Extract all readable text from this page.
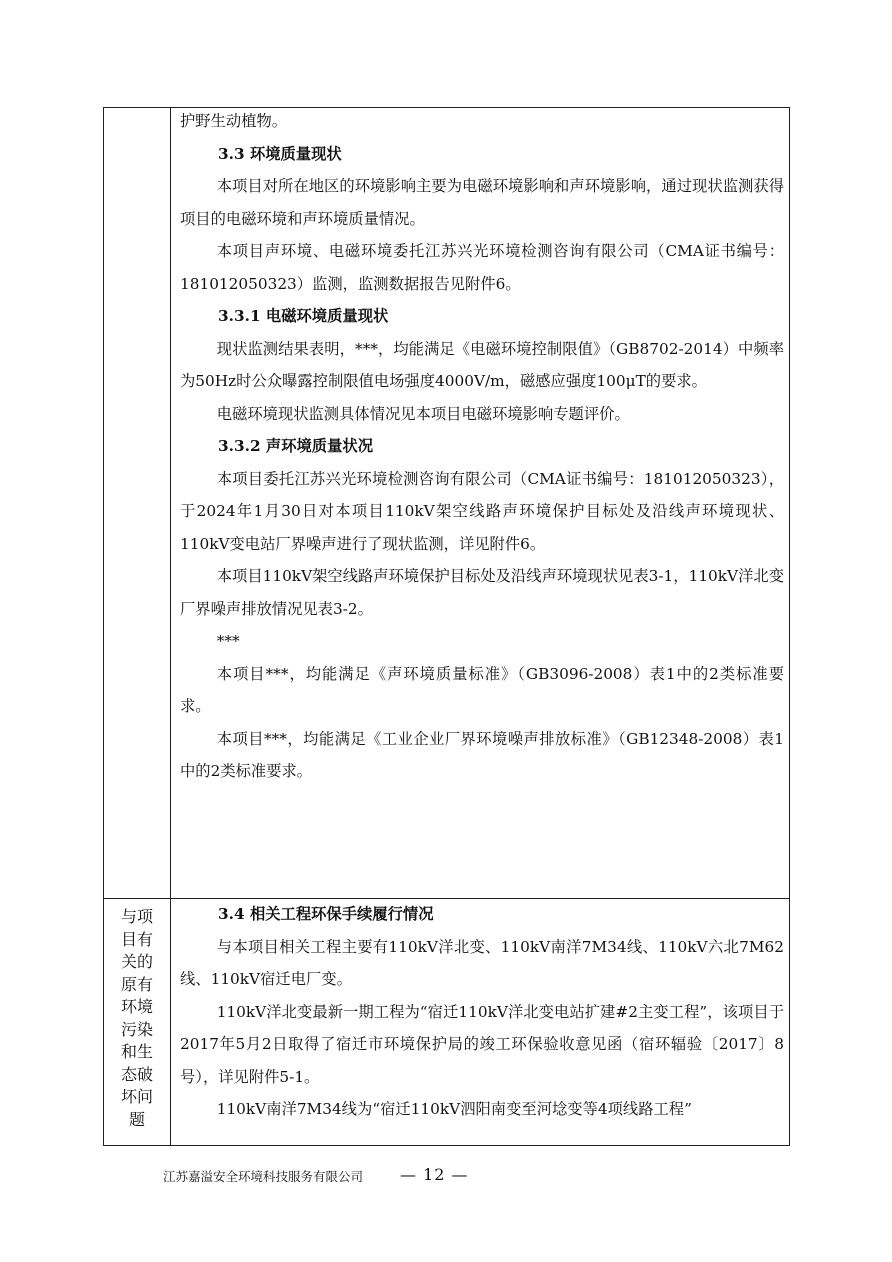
护野生动植物。

3.3 环境质量现状

本项目对所在地区的环境影响主要为电磁环境影响和声环境影响，通过现状监测获得项目的电磁环境和声环境质量情况。

本项目声环境、电磁环境委托江苏兴光环境检测咨询有限公司（CMA证书编号：181012050323）监测，监测数据报告见附件6。

3.3.1 电磁环境质量现状

现状监测结果表明，***，均能满足《电磁环境控制限值》（GB8702-2014）中频率为50Hz时公众曝露控制限值电场强度4000V/m，磁感应强度100μT的要求。

电磁环境现状监测具体情况见本项目电磁环境影响专题评价。

3.3.2 声环境质量状况

本项目委托江苏兴光环境检测咨询有限公司（CMA证书编号：181012050323），于2024年1月30日对本项目110kV架空线路声环境保护目标处及沿线声环境现状、110kV变电站厂界噪声进行了现状监测，详见附件6。

本项目110kV架空线路声环境保护目标处及沿线声环境现状见表3-1，110kV洋北变厂界噪声排放情况见表3-2。

***

本项目***，均能满足《声环境质量标准》（GB3096-2008）表1中的2类标准要求。

本项目***，均能满足《工业企业厂界环境噪声排放标准》（GB12348-2008）表1中的2类标准要求。

与项目有关的原有环境污染和生态破坏问题
3.4 相关工程环保手续履行情况

与本项目相关工程主要有110kV洋北变、110kV南洋7M34线、110kV六北7M62线、110kV宿迁电厂变。

110kV洋北变最新一期工程为“宿迁110kV洋北变电站扩建#2主变工程”，该项目于2017年5月2日取得了宿迁市环境保护局的竣工环保验收意见函（宿环辐验〔2017〕8号），详见附件5-1。

110kV南洋7M34线为“宿迁110kV泗阳南变至河埝变等4项线路工程”

江苏嘉溢安全环境科技服务有限公司 — 12 —
